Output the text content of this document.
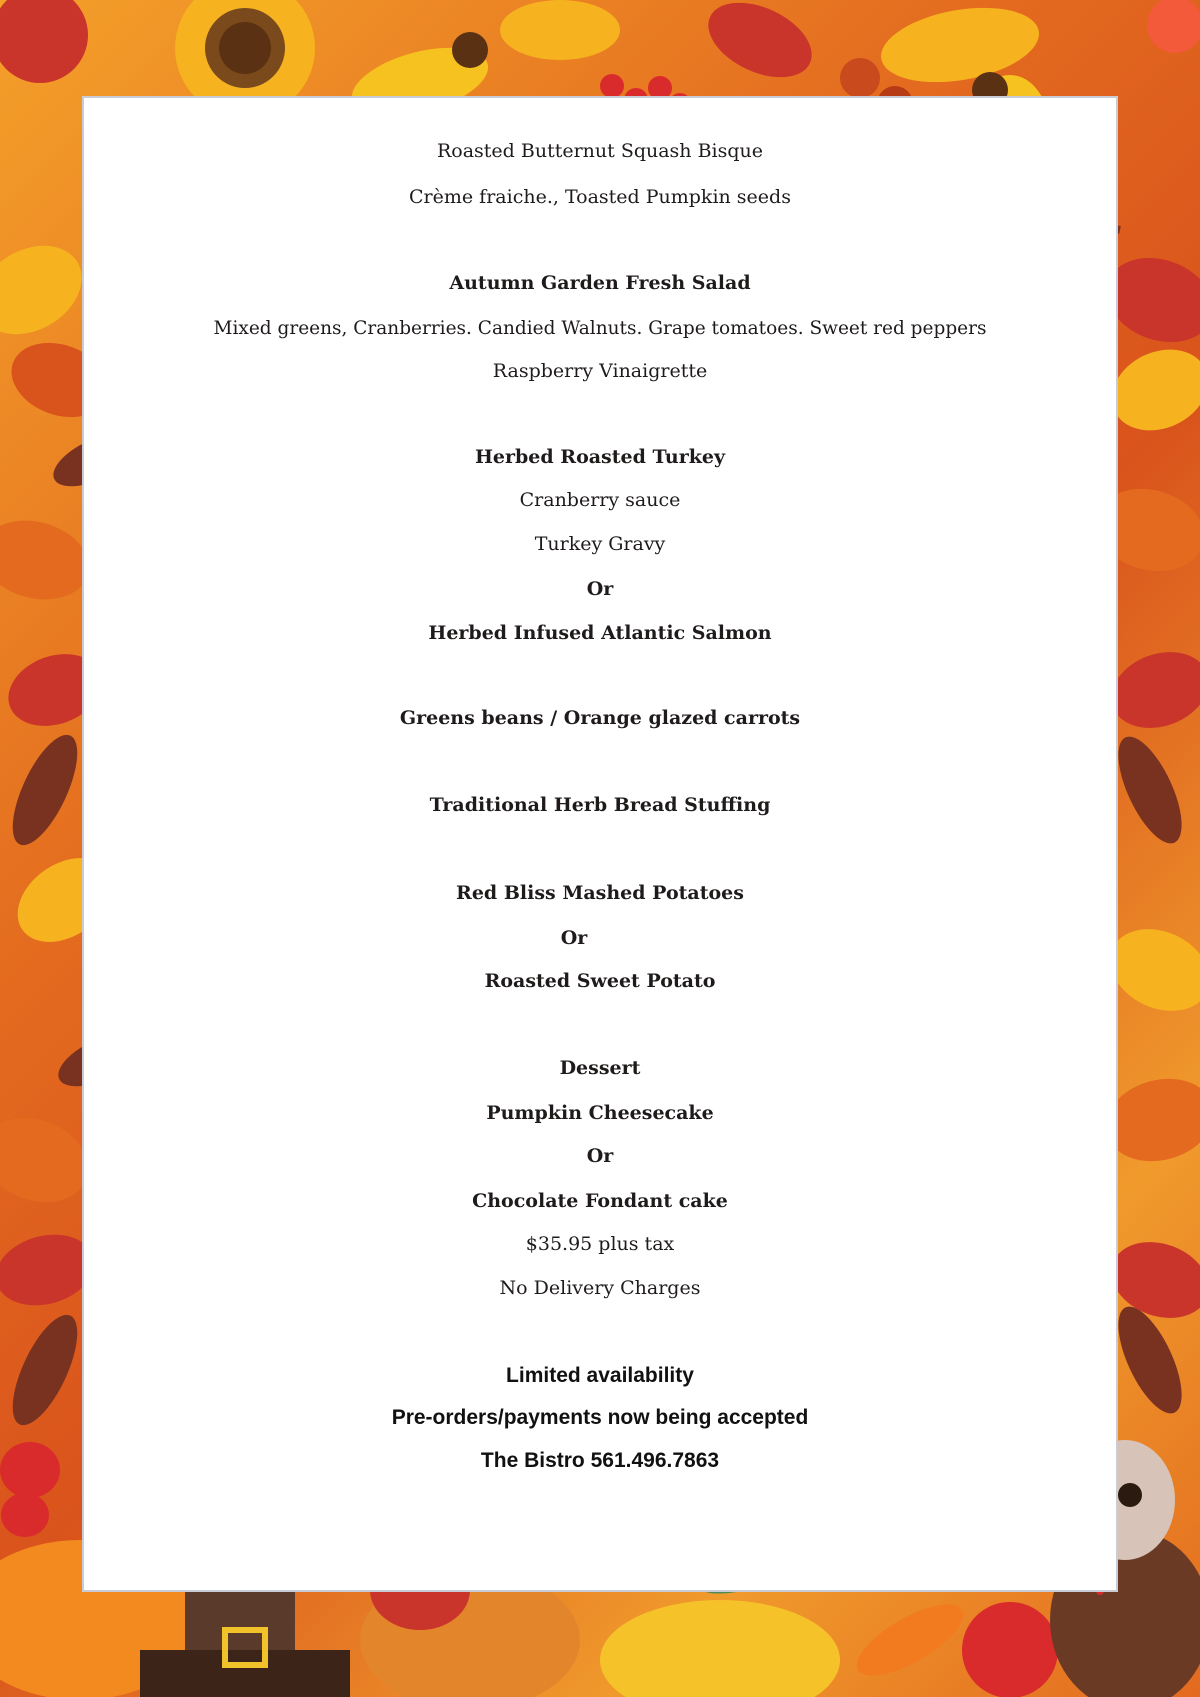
Roasted Butternut Squash Bisque
Crème fraiche., Toasted Pumpkin seeds
Autumn Garden Fresh Salad
Mixed greens, Cranberries. Candied Walnuts. Grape tomatoes. Sweet red peppers
Raspberry Vinaigrette
Herbed Roasted Turkey
Cranberry sauce
Turkey Gravy
Or
Herbed Infused Atlantic Salmon
Greens beans / Orange glazed carrots
Traditional Herb Bread Stuffing
Red Bliss Mashed Potatoes
Or
Roasted Sweet Potato
Dessert
Pumpkin Cheesecake
Or
Chocolate Fondant cake
$35.95 plus tax
No Delivery Charges
Limited availability
Pre-orders/payments now being accepted
The Bistro 561.496.7863
